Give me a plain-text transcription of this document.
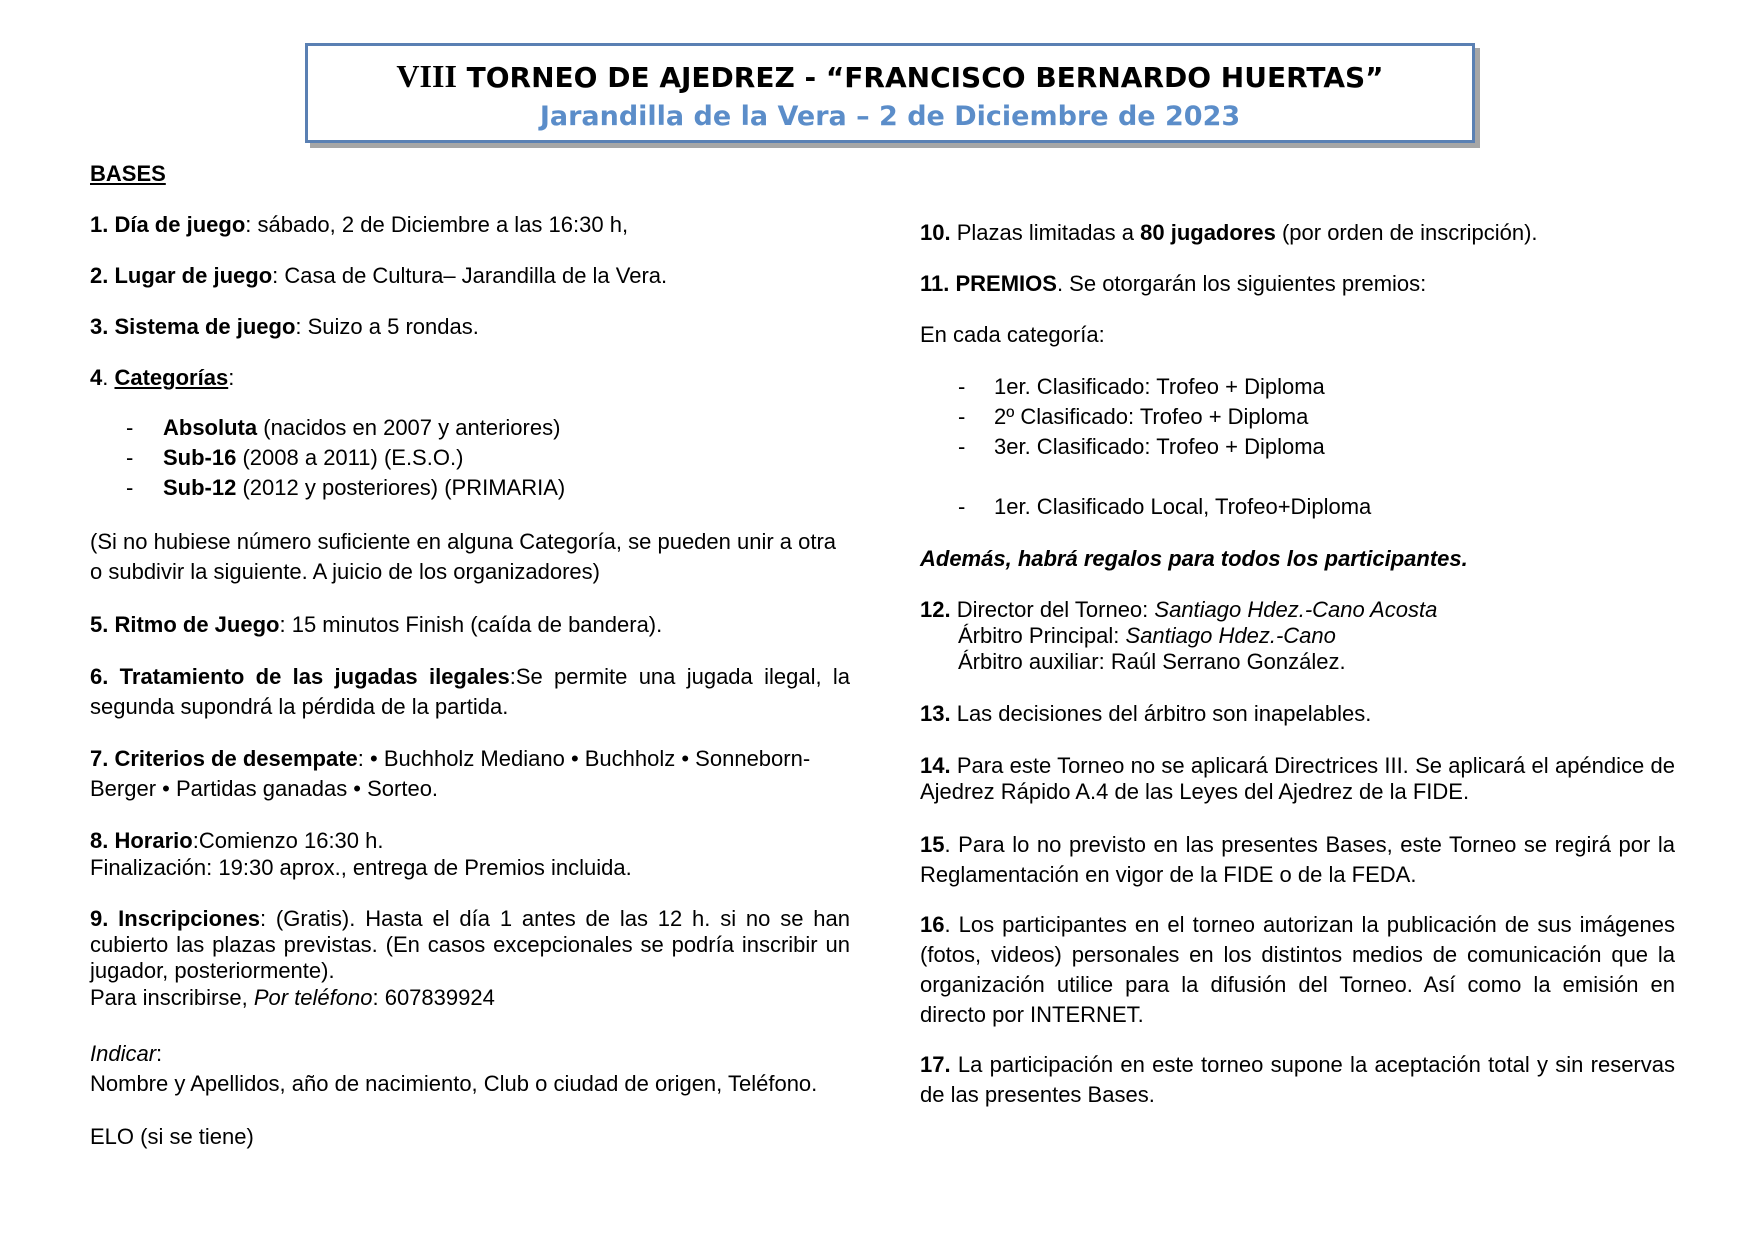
VIII TORNEO DE AJEDREZ - “FRANCISCO BERNARDO HUERTAS”
Jarandilla de la Vera – 2 de Diciembre de 2023
BASES
1. Día de juego: sábado, 2 de Diciembre a las 16:30 h,
2. Lugar de juego: Casa de Cultura– Jarandilla de la Vera.
3. Sistema de juego: Suizo a 5 rondas.
4. Categorías:
- Absoluta (nacidos en 2007 y anteriores)
- Sub-16 (2008 a 2011) (E.S.O.)
- Sub-12 (2012 y posteriores) (PRIMARIA)
(Si no hubiese número suficiente en alguna Categoría, se pueden unir a otra o subdivir la siguiente. A juicio de los organizadores)
5. Ritmo de Juego: 15 minutos Finish (caída de bandera).
6. Tratamiento de las jugadas ilegales:Se permite una jugada ilegal, la segunda supondrá la pérdida de la partida.
7. Criterios de desempate: • Buchholz Mediano • Buchholz • Sonneborn-Berger • Partidas ganadas • Sorteo.
8. Horario:Comienzo 16:30 h.
Finalización: 19:30 aprox., entrega de Premios incluida.
9. Inscripciones: (Gratis). Hasta el día 1 antes de las 12 h. si no se han cubierto las plazas previstas. (En casos excepcionales se podría inscribir un jugador, posteriormente).
Para inscribirse, Por teléfono: 607839924
Indicar:
Nombre y Apellidos, año de nacimiento, Club o ciudad de origen, Teléfono.
ELO (si se tiene)
10. Plazas limitadas a 80 jugadores (por orden de inscripción).
11. PREMIOS. Se otorgarán los siguientes premios:
En cada categoría:
- 1er. Clasificado: Trofeo + Diploma
- 2º Clasificado: Trofeo + Diploma
- 3er. Clasificado: Trofeo + Diploma
- 1er. Clasificado Local, Trofeo+Diploma
Además, habrá regalos para todos los participantes.
12. Director del Torneo: Santiago Hdez.-Cano Acosta
Árbitro Principal: Santiago Hdez.-Cano
Árbitro auxiliar: Raúl Serrano González.
13. Las decisiones del árbitro son inapelables.
14. Para este Torneo no se aplicará Directrices III. Se aplicará el apéndice de Ajedrez Rápido A.4 de las Leyes del Ajedrez de la FIDE.
15. Para lo no previsto en las presentes Bases, este Torneo se regirá por la Reglamentación en vigor de la FIDE o de la FEDA.
16. Los participantes en el torneo autorizan la publicación de sus imágenes (fotos, videos) personales en los distintos medios de comunicación que la organización utilice para la difusión del Torneo. Así como la emisión en directo por INTERNET.
17. La participación en este torneo supone la aceptación total y sin reservas de las presentes Bases.
